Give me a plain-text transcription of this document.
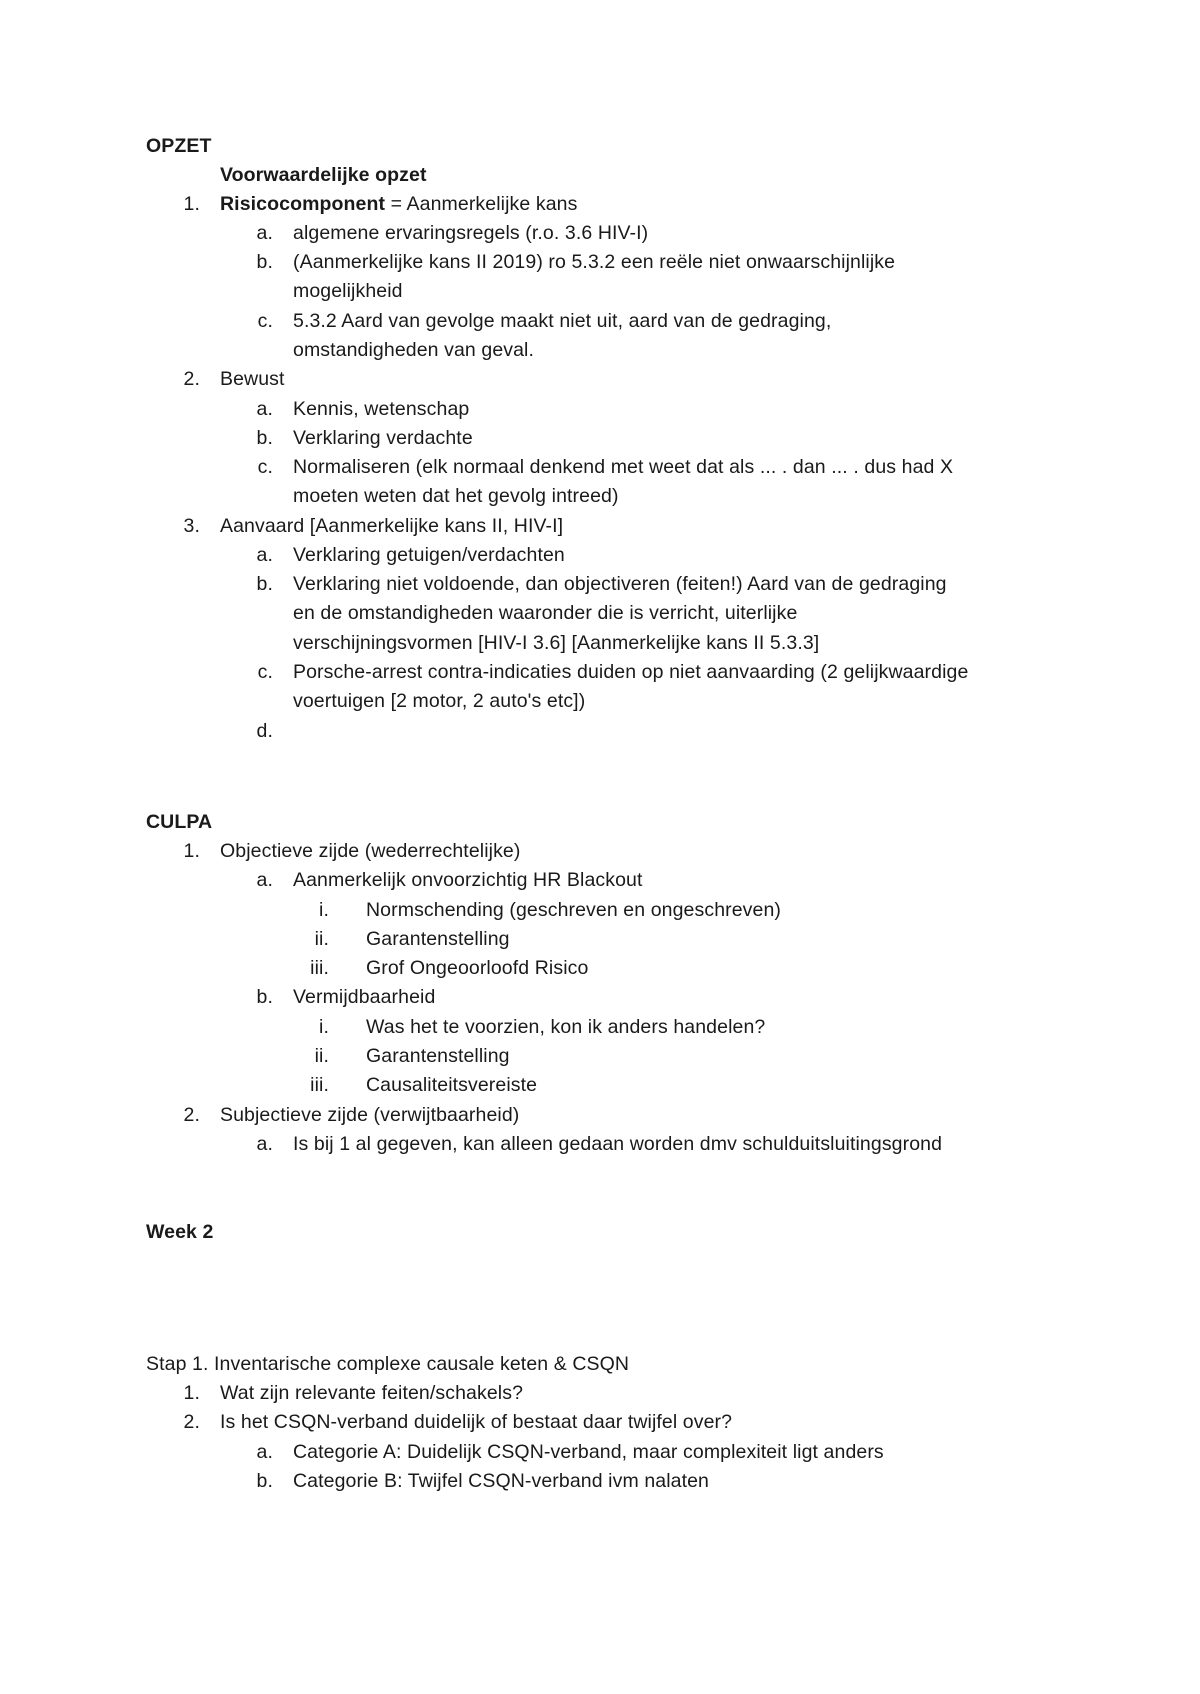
OPZET
Voorwaardelijke opzet
1. Risicocomponent = Aanmerkelijke kans
a. algemene ervaringsregels (r.o. 3.6 HIV-I)
b. (Aanmerkelijke kans II 2019) ro 5.3.2 een reële niet onwaarschijnlijke
mogelijkheid
c. 5.3.2 Aard van gevolge maakt niet uit, aard van de gedraging,
omstandigheden van geval.
2. Bewust
a. Kennis, wetenschap
b. Verklaring verdachte
c. Normaliseren (elk normaal denkend met weet dat als ... . dan ... . dus had X
moeten weten dat het gevolg intreed)
3. Aanvaard [Aanmerkelijke kans II, HIV-I]
a. Verklaring getuigen/verdachten
b. Verklaring niet voldoende, dan objectiveren (feiten!) Aard van de gedraging
en de omstandigheden waaronder die is verricht, uiterlijke
verschijningsvormen [HIV-I 3.6] [Aanmerkelijke kans II 5.3.3]
c. Porsche-arrest contra-indicaties duiden op niet aanvaarding (2 gelijkwaardige
voertuigen [2 motor, 2 auto's etc])
d.
CULPA
1. Objectieve zijde (wederrechtelijke)
a. Aanmerkelijk onvoorzichtig HR Blackout
i. Normschending (geschreven en ongeschreven)
ii. Garantenstelling
iii. Grof Ongeoorloofd Risico
b. Vermijdbaarheid
i. Was het te voorzien, kon ik anders handelen?
ii. Garantenstelling
iii. Causaliteitsvereiste
2. Subjectieve zijde (verwijtbaarheid)
a. Is bij 1 al gegeven, kan alleen gedaan worden dmv schulduitsluitingsgrond
Week 2
Stap 1. Inventarische complexe causale keten & CSQN
1. Wat zijn relevante feiten/schakels?
2. Is het CSQN-verband duidelijk of bestaat daar twijfel over?
a. Categorie A: Duidelijk CSQN-verband, maar complexiteit ligt anders
b. Categorie B: Twijfel CSQN-verband ivm nalaten
